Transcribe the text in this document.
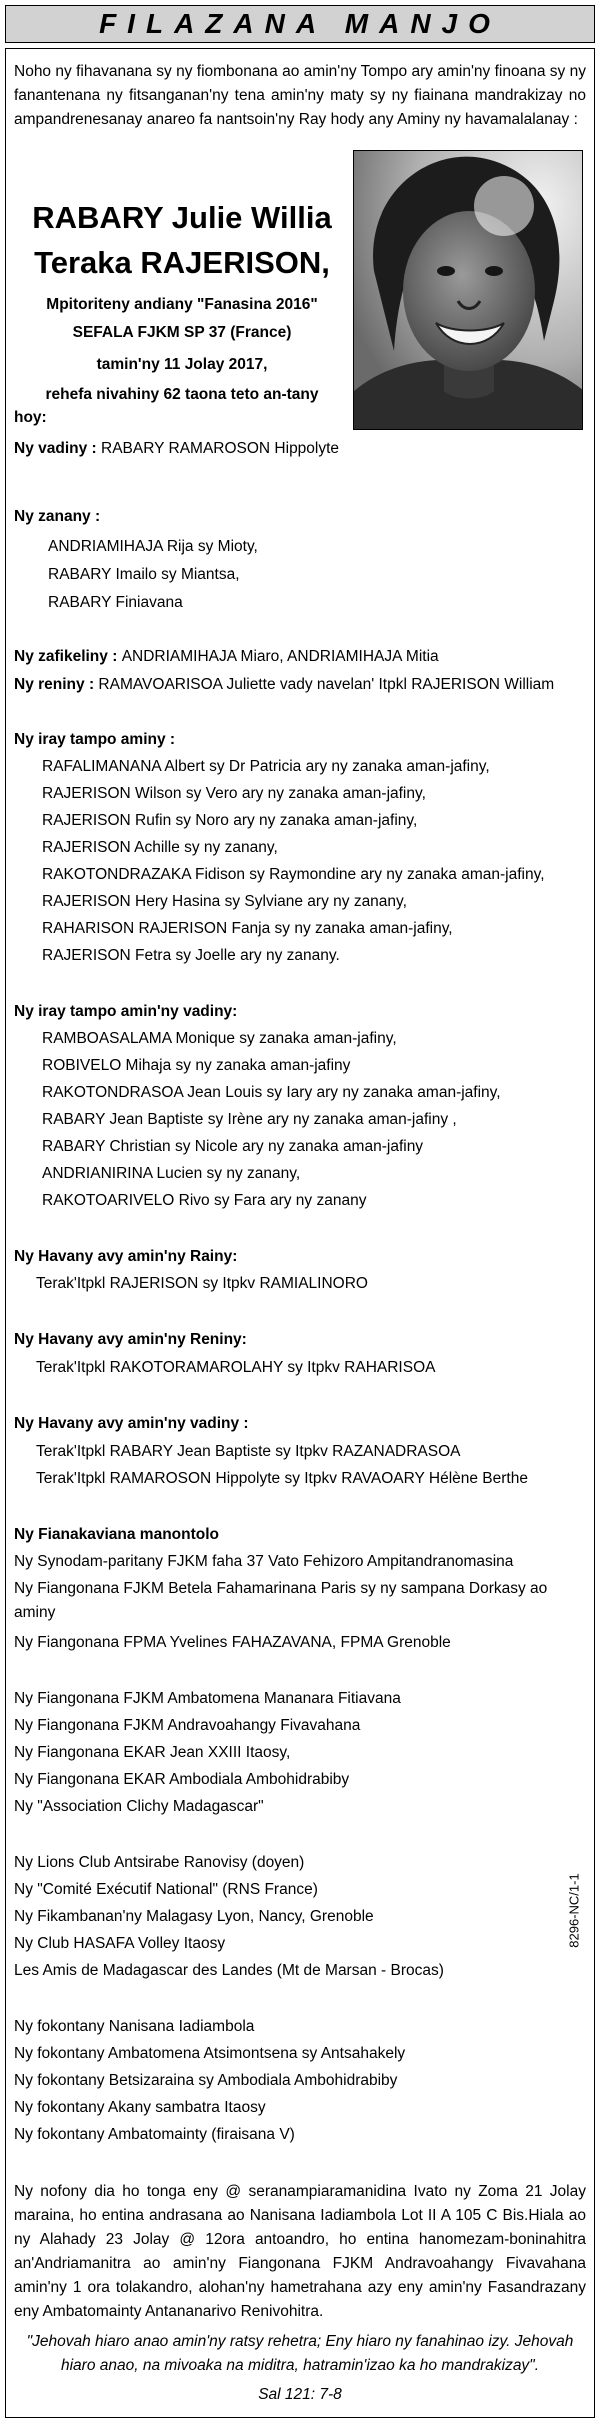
FILAZANA MANJO
Noho ny fihavanana sy ny fiombonana ao amin'ny Tompo ary amin'ny finoana sy ny fanantenana ny fitsanganan'ny tena amin'ny maty sy ny fiainana mandrakizay no ampandrenesanay anareo fa nantsoin'ny Ray hody any Aminy ny havamalalanay :
RABARY Julie Willia
Teraka RAJERISON,
Mpitoriteny andiany "Fanasina 2016"
SEFALA FJKM SP 37 (France)
tamin'ny 11 Jolay 2017,
rehefa nivahiny 62 taona teto an-tany
hoy:
Ny vadiny : RABARY RAMAROSON Hippolyte
Ny zanany :
ANDRIAMIHAJA Rija sy Mioty,
RABARY Imailo sy Miantsa,
RABARY Finiavana
Ny zafikeliny : ANDRIAMIHAJA Miaro, ANDRIAMIHAJA Mitia
Ny reniny : RAMAVOARISOA Juliette vady navelan' Itpkl RAJERISON William
Ny iray tampo aminy :
RAFALIMANANA Albert sy Dr Patricia ary ny zanaka aman-jafiny,
RAJERISON Wilson sy Vero ary ny zanaka aman-jafiny,
RAJERISON Rufin sy Noro ary ny zanaka aman-jafiny,
RAJERISON Achille sy ny zanany,
RAKOTONDRAZAKA Fidison sy Raymondine ary ny zanaka aman-jafiny,
RAJERISON Hery Hasina sy Sylviane ary ny zanany,
RAHARISON RAJERISON Fanja sy ny zanaka aman-jafiny,
RAJERISON Fetra sy Joelle ary ny zanany.
Ny iray tampo amin'ny vadiny:
RAMBOASALAMA Monique sy zanaka aman-jafiny,
ROBIVELO Mihaja sy ny zanaka aman-jafiny
RAKOTONDRASOA Jean Louis sy Iary ary ny zanaka aman-jafiny,
RABARY Jean Baptiste sy Irène ary ny zanaka aman-jafiny ,
RABARY Christian sy Nicole ary ny zanaka aman-jafiny
ANDRIANIRINA Lucien sy ny zanany,
RAKOTOARIVELO Rivo sy Fara ary ny zanany
Ny Havany avy amin'ny Rainy:
Terak'Itpkl RAJERISON sy Itpkv RAMIALINORO
Ny Havany avy amin'ny Reniny:
Terak'Itpkl RAKOTORAMAROLAHY sy Itpkv RAHARISOA
Ny Havany avy amin'ny vadiny :
Terak'Itpkl RABARY Jean Baptiste sy Itpkv RAZANADRASOA
Terak'Itpkl RAMAROSON Hippolyte sy Itpkv RAVAOARY Hélène Berthe
Ny Fianakaviana manontolo
Ny Synodam-paritany FJKM faha 37 Vato Fehizoro Ampitandranomasina
Ny Fiangonana FJKM Betela Fahamarinana Paris sy ny sampana Dorkasy ao aminy
Ny Fiangonana FPMA Yvelines FAHAZAVANA, FPMA Grenoble
Ny Fiangonana FJKM Ambatomena Mananara Fitiavana
Ny Fiangonana FJKM Andravoahangy Fivavahana
Ny Fiangonana EKAR Jean XXIII Itaosy,
Ny Fiangonana EKAR Ambodiala Ambohidrabiby
Ny "Association Clichy Madagascar"
Ny Lions Club Antsirabe Ranovisy (doyen)
Ny "Comité Exécutif National" (RNS France)
Ny Fikambanan'ny Malagasy Lyon, Nancy, Grenoble
Ny Club HASAFA Volley Itaosy
Les Amis de Madagascar des Landes (Mt de Marsan - Brocas)
Ny fokontany Nanisana Iadiambola
Ny fokontany Ambatomena Atsimontsena sy Antsahakely
Ny fokontany Betsizaraina sy Ambodiala Ambohidrabiby
Ny fokontany Akany sambatra Itaosy
Ny fokontany Ambatomainty (firaisana V)
8296-NC/1-1
Ny nofony dia ho tonga eny @ seranampiaramanidina Ivato ny Zoma 21 Jolay maraina, ho entina andrasana ao Nanisana Iadiambola Lot II A 105 C Bis.Hiala ao ny Alahady 23 Jolay @ 12ora antoandro, ho entina hanomezam-boninahitra an'Andriamanitra ao amin'ny Fiangonana FJKM Andravoahangy Fivavahana amin'ny 1 ora tolakandro, alohan'ny hametrahana azy eny amin'ny Fasandrazany eny Ambatomainty Antananarivo Renivohitra.
"Jehovah hiaro anao amin'ny ratsy rehetra; Eny hiaro ny fanahinao izy. Jehovah hiaro anao, na mivoaka na miditra, hatramin'izao ka ho mandrakizay".
Sal 121: 7-8
